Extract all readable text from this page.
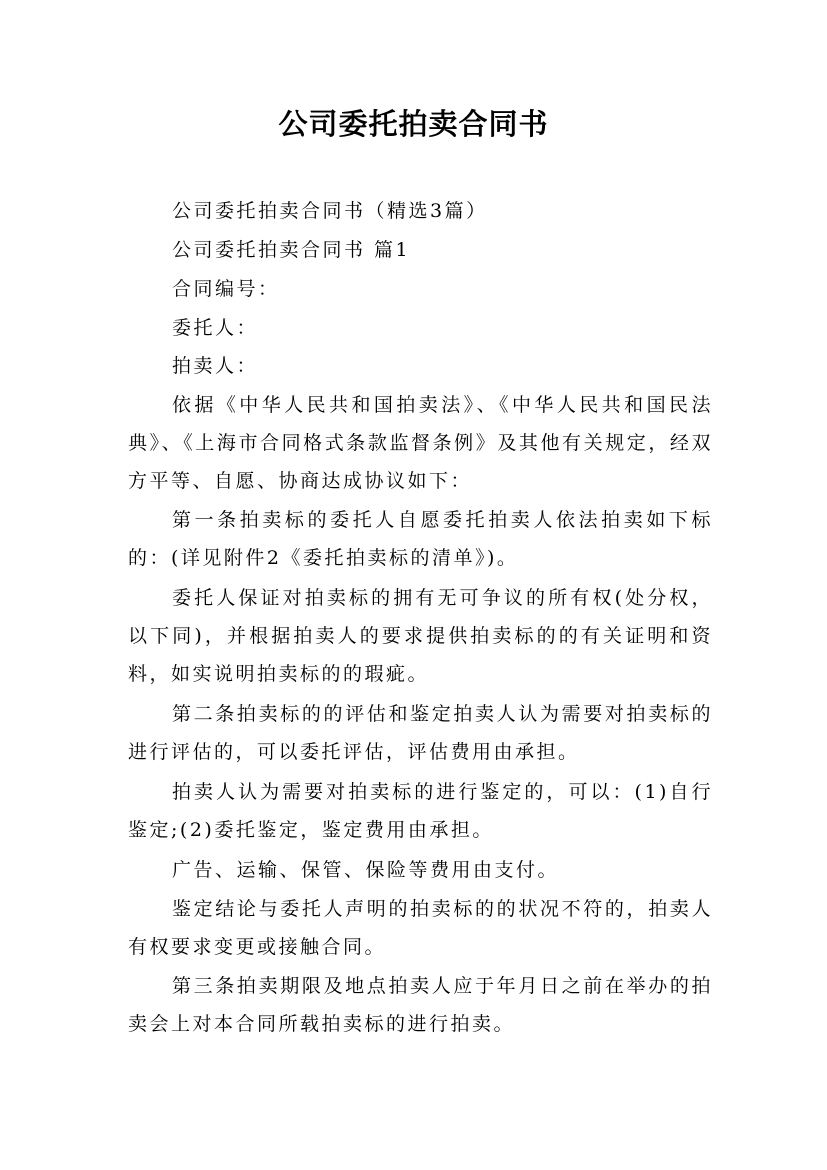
公司委托拍卖合同书

公司委托拍卖合同书（精选3篇）

公司委托拍卖合同书 篇1

合同编号：

委托人：

拍卖人：

依据《中华人民共和国拍卖法》、《中华人民共和国民法典》、《上海市合同格式条款监督条例》及其他有关规定，经双方平等、自愿、协商达成协议如下：

第一条拍卖标的委托人自愿委托拍卖人依法拍卖如下标的：(详见附件2《委托拍卖标的清单》)。

委托人保证对拍卖标的拥有无可争议的所有权(处分权，以下同)，并根据拍卖人的要求提供拍卖标的的有关证明和资料，如实说明拍卖标的的瑕疵。

第二条拍卖标的的评估和鉴定拍卖人认为需要对拍卖标的进行评估的，可以委托评估，评估费用由承担。

拍卖人认为需要对拍卖标的进行鉴定的，可以：(1)自行鉴定;(2)委托鉴定，鉴定费用由承担。

广告、运输、保管、保险等费用由支付。

鉴定结论与委托人声明的拍卖标的的状况不符的，拍卖人有权要求变更或接触合同。

第三条拍卖期限及地点拍卖人应于年月日之前在举办的拍卖会上对本合同所载拍卖标的进行拍卖。
